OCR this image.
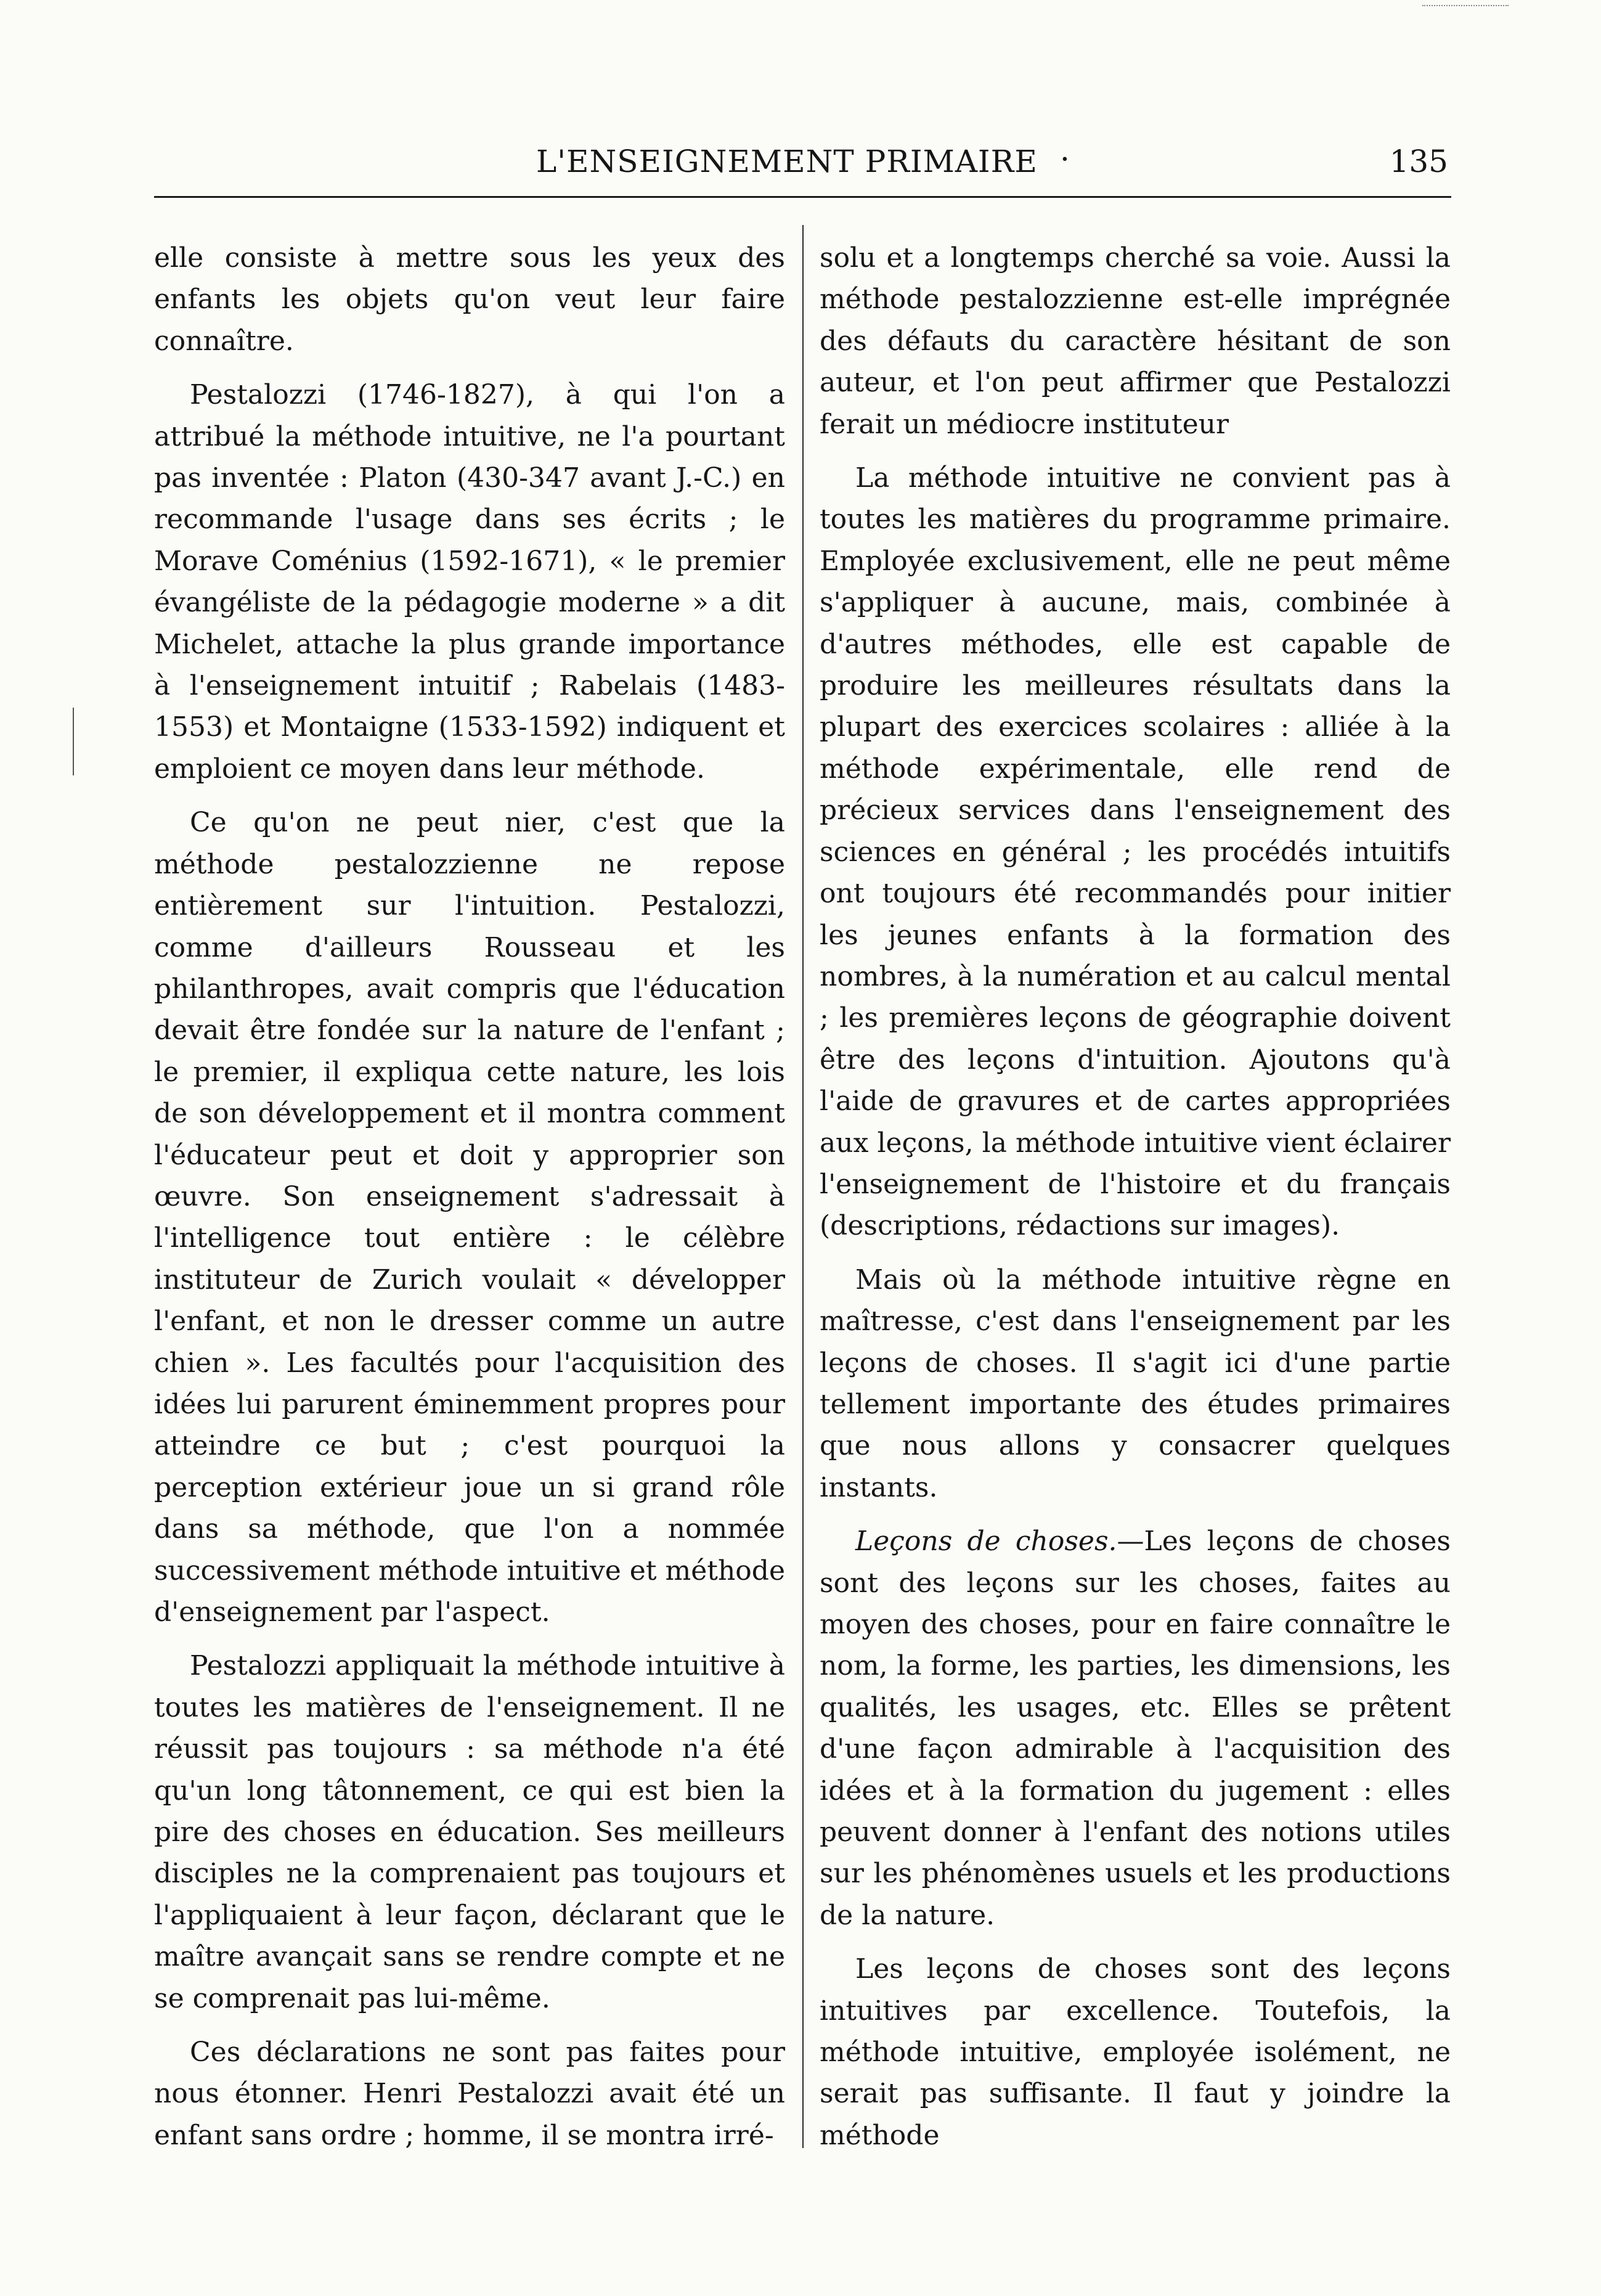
L'ENSEIGNEMENT PRIMAIRE ·	135

elle consiste à mettre sous les yeux des enfants les objets qu'on veut leur faire connaître.

Pestalozzi (1746-1827), à qui l'on a attribué la méthode intuitive, ne l'a pourtant pas inventée : Platon (430-347 avant J.-C.) en recommande l'usage dans ses écrits ; le Morave Coménius (1592-1671), « le premier évangéliste de la pédagogie moderne » a dit Michelet, attache la plus grande importance à l'enseignement intuitif ; Rabelais (1483-1553) et Montaigne (1533-1592) indiquent et emploient ce moyen dans leur méthode.

Ce qu'on ne peut nier, c'est que la méthode pestalozzienne ne repose entièrement sur l'intuition. Pestalozzi, comme d'ailleurs Rousseau et les philanthropes, avait compris que l'éducation devait être fondée sur la nature de l'enfant ; le premier, il expliqua cette nature, les lois de son développement et il montra comment l'éducateur peut et doit y approprier son œuvre. Son enseignement s'adressait à l'intelligence tout entière : le célèbre instituteur de Zurich voulait « développer l'enfant, et non le dresser comme un autre chien ». Les facultés pour l'acquisition des idées lui parurent éminemment propres pour atteindre ce but ; c'est pourquoi la perception extérieur joue un si grand rôle dans sa méthode, que l'on a nommée successivement méthode intuitive et méthode d'enseignement par l'aspect.

Pestalozzi appliquait la méthode intuitive à toutes les matières de l'enseignement. Il ne réussit pas toujours : sa méthode n'a été qu'un long tâtonnement, ce qui est bien la pire des choses en éducation. Ses meilleurs disciples ne la comprenaient pas toujours et l'appliquaient à leur façon, déclarant que le maître avançait sans se rendre compte et ne se comprenait pas lui-même.

Ces déclarations ne sont pas faites pour nous étonner. Henri Pestalozzi avait été un enfant sans ordre ; homme, il se montra irré-

solu et a longtemps cherché sa voie. Aussi la méthode pestalozzienne est-elle imprégnée des défauts du caractère hésitant de son auteur, et l'on peut affirmer que Pestalozzi ferait un médiocre instituteur

La méthode intuitive ne convient pas à toutes les matières du programme primaire. Employée exclusivement, elle ne peut même s'appliquer à aucune, mais, combinée à d'autres méthodes, elle est capable de produire les meilleures résultats dans la plupart des exercices scolaires : alliée à la méthode expérimentale, elle rend de précieux services dans l'enseignement des sciences en général ; les procédés intuitifs ont toujours été recommandés pour initier les jeunes enfants à la formation des nombres, à la numération et au calcul mental ; les premières leçons de géographie doivent être des leçons d'intuition. Ajoutons qu'à l'aide de gravures et de cartes appropriées aux leçons, la méthode intuitive vient éclairer l'enseignement de l'histoire et du français (descriptions, rédactions sur images).

Mais où la méthode intuitive règne en maîtresse, c'est dans l'enseignement par les leçons de choses. Il s'agit ici d'une partie tellement importante des études primaires que nous allons y consacrer quelques instants.

Leçons de choses.—Les leçons de choses sont des leçons sur les choses, faites au moyen des choses, pour en faire connaître le nom, la forme, les parties, les dimensions, les qualités, les usages, etc. Elles se prêtent d'une façon admirable à l'acquisition des idées et à la formation du jugement : elles peuvent donner à l'enfant des notions utiles sur les phénomènes usuels et les productions de la nature.

Les leçons de choses sont des leçons intuitives par excellence. Toutefois, la méthode intuitive, employée isolément, ne serait pas suffisante. Il faut y joindre la méthode
